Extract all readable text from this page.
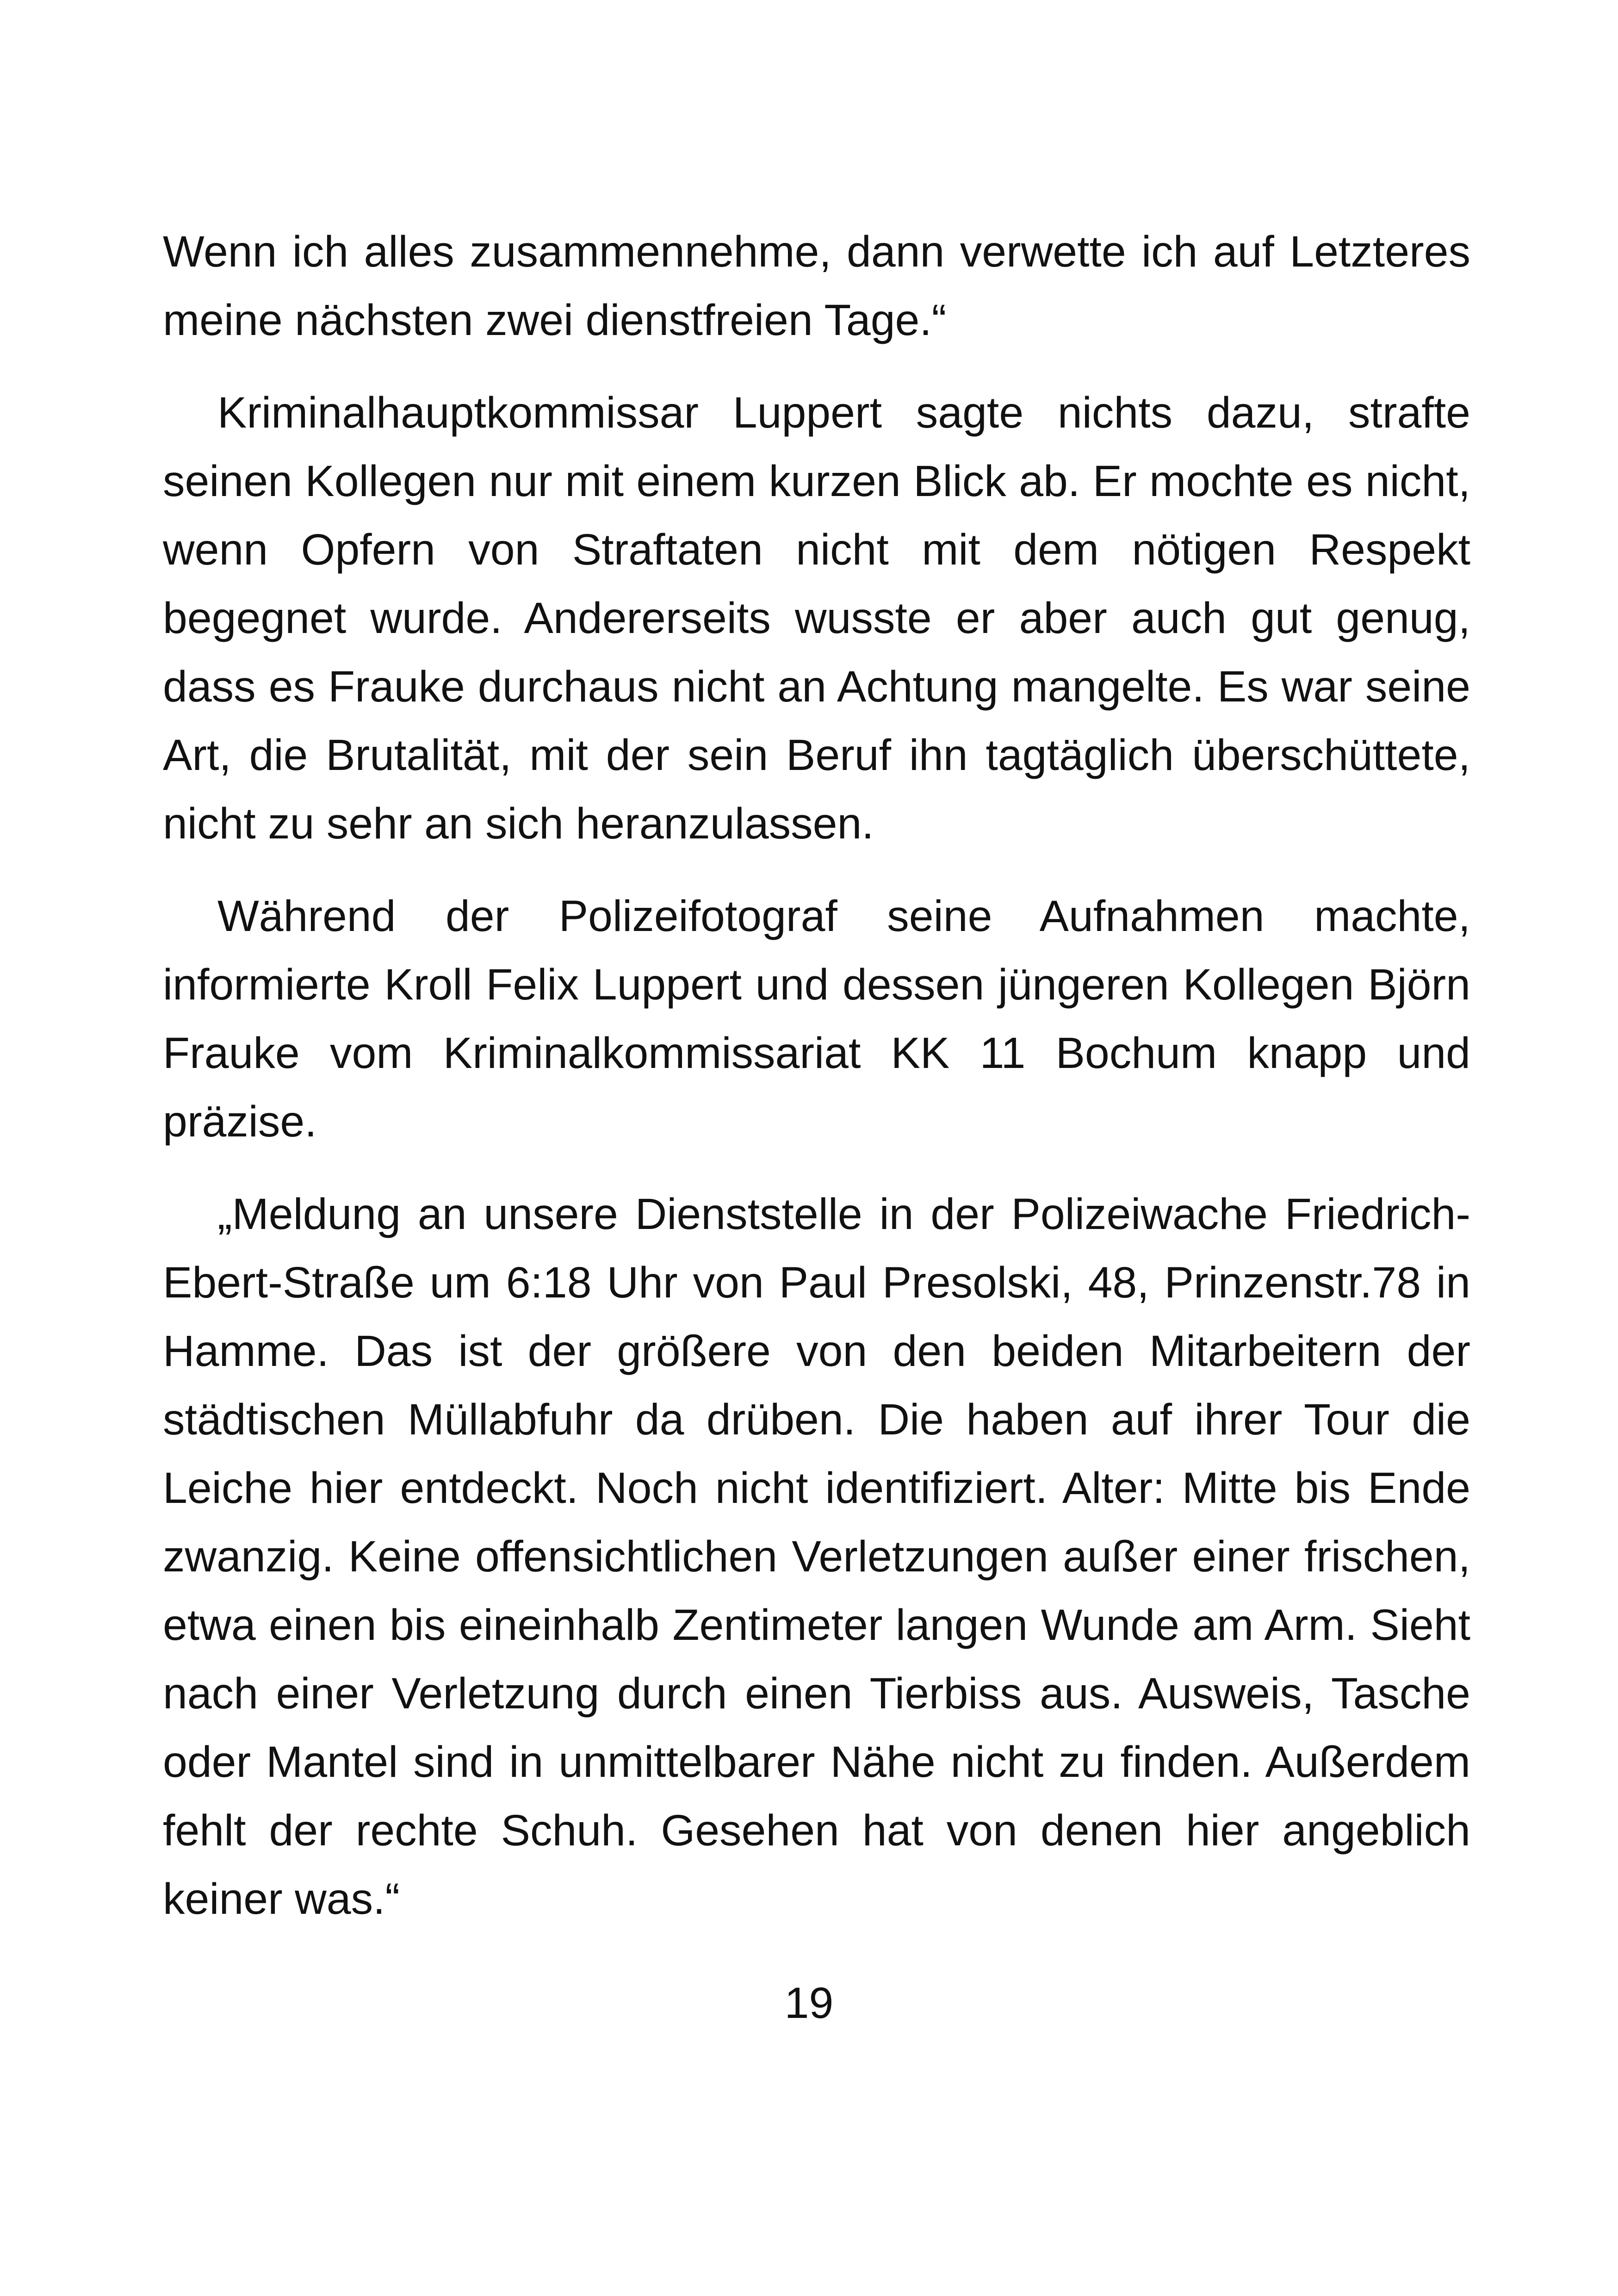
Wenn ich alles zusammennehme, dann verwette ich auf Letzteres meine nächsten zwei dienstfreien Tage.“

Kriminalhauptkommissar Luppert sagte nichts dazu, strafte seinen Kollegen nur mit einem kurzen Blick ab. Er mochte es nicht, wenn Opfern von Straftaten nicht mit dem nötigen Respekt begegnet wurde. Andererseits wusste er aber auch gut genug, dass es Frauke durchaus nicht an Achtung mangelte. Es war seine Art, die Brutalität, mit der sein Beruf ihn tagtäglich überschüttete, nicht zu sehr an sich heranzulassen.

Während der Polizeifotograf seine Aufnahmen machte, informierte Kroll Felix Luppert und dessen jüngeren Kollegen Björn Frauke vom Kriminalkommissariat KK 11 Bochum knapp und präzise.

„Meldung an unsere Dienststelle in der Polizeiwache Friedrich-Ebert-Straße um 6:18 Uhr von Paul Presolski, 48, Prinzenstr.78 in Hamme. Das ist der größere von den beiden Mitarbeitern der städtischen Müllabfuhr da drüben. Die haben auf ihrer Tour die Leiche hier entdeckt. Noch nicht identifiziert. Alter: Mitte bis Ende zwanzig. Keine offensichtlichen Verletzungen außer einer frischen, etwa einen bis eineinhalb Zentimeter langen Wunde am Arm. Sieht nach einer Verletzung durch einen Tierbiss aus. Ausweis, Tasche oder Mantel sind in unmittelbarer Nähe nicht zu finden. Außerdem fehlt der rechte Schuh. Gesehen hat von denen hier angeblich keiner was.“

19
